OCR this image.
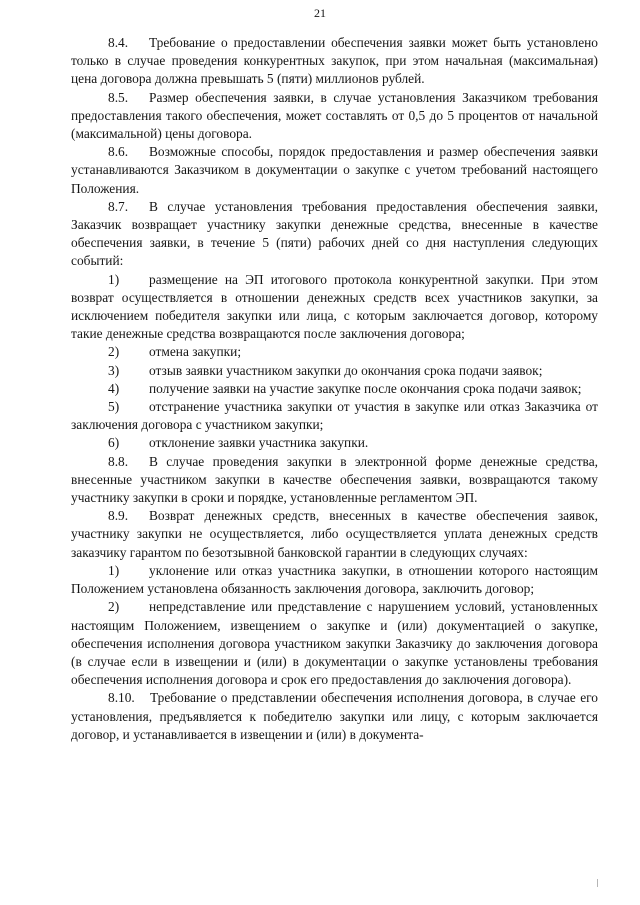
21

8.4. Требование о предоставлении обеспечения заявки может быть установлено только в случае проведения конкурентных закупок, при этом начальная (максимальная) цена договора должна превышать 5 (пяти) миллионов рублей.

8.5. Размер обеспечения заявки, в случае установления Заказчиком требования предоставления такого обеспечения, может составлять от 0,5 до 5 процентов от начальной (максимальной) цены договора.

8.6. Возможные способы, порядок предоставления и размер обеспечения заявки устанавливаются Заказчиком в документации о закупке с учетом требований настоящего Положения.

8.7. В случае установления требования предоставления обеспечения заявки, Заказчик возвращает участнику закупки денежные средства, внесенные в качестве обеспечения заявки, в течение 5 (пяти) рабочих дней со дня наступления следующих событий:

1) размещение на ЭП итогового протокола конкурентной закупки. При этом возврат осуществляется в отношении денежных средств всех участников закупки, за исключением победителя закупки или лица, с которым заключается договор, которому такие денежные средства возвращаются после заключения договора;

2) отмена закупки;

3) отзыв заявки участником закупки до окончания срока подачи заявок;

4) получение заявки на участие закупке после окончания срока подачи заявок;

5) отстранение участника закупки от участия в закупке или отказ Заказчика от заключения договора с участником закупки;

6) отклонение заявки участника закупки.

8.8. В случае проведения закупки в электронной форме денежные средства, внесенные участником закупки в качестве обеспечения заявки, возвращаются такому участнику закупки в сроки и порядке, установленные регламентом ЭП.

8.9. Возврат денежных средств, внесенных в качестве обеспечения заявок, участнику закупки не осуществляется, либо осуществляется уплата денежных средств заказчику гарантом по безотзывной банковской гарантии в следующих случаях:

1) уклонение или отказ участника закупки, в отношении которого настоящим Положением установлена обязанность заключения договора, заключить договор;

2) непредставление или представление с нарушением условий, установленных настоящим Положением, извещением о закупке и (или) документацией о закупке, обеспечения исполнения договора участником закупки Заказчику до заключения договора (в случае если в извещении и (или) в документации о закупке установлены требования обеспечения исполнения договора и срок его предоставления до заключения договора).

8.10. Требование о представлении обеспечения исполнения договора, в случае его установления, предъявляется к победителю закупки или лицу, с которым заключается договор, и устанавливается в извещении и (или) в документа-
